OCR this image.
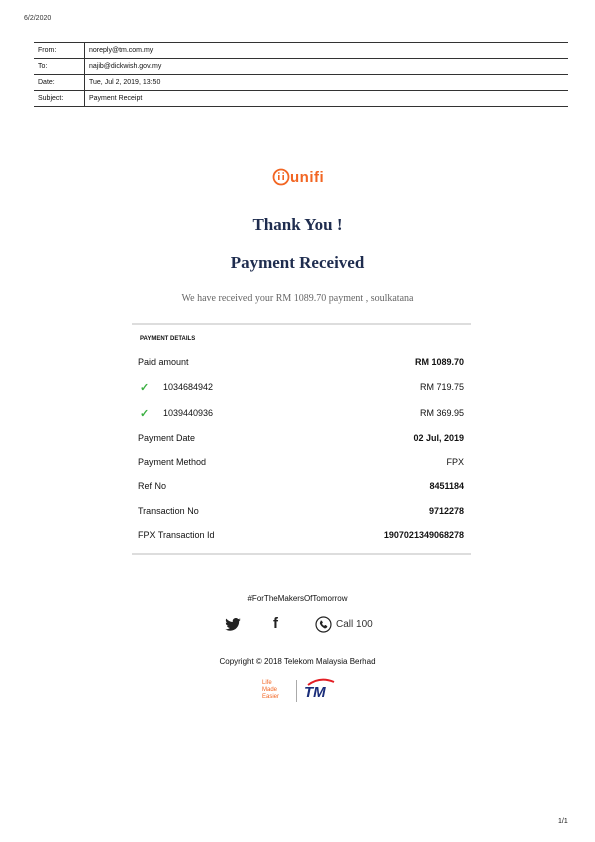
6/2/2020
From:	noreply@tm.com.my
To:	najib@dickwish.gov.my
Date:	Tue, Jul 2, 2019, 13:50
Subject:	Payment Receipt
unifi
Thank You !
Payment Received
We have received your RM 1089.70 payment , soulkatana
PAYMENT DETAILS
Paid amount	RM 1089.70
✓ 1034684942	RM 719.75
✓ 1039440936	RM 369.95
Payment Date	02 Jul, 2019
Payment Method	FPX
Ref No	8451184
Transaction No	9712278
FPX Transaction Id	1907021349068278
#ForTheMakersOfTomorrow
f	Call 100
Copyright © 2018 Telekom Malaysia Berhad
Life
Made
Easier TM
1/1
